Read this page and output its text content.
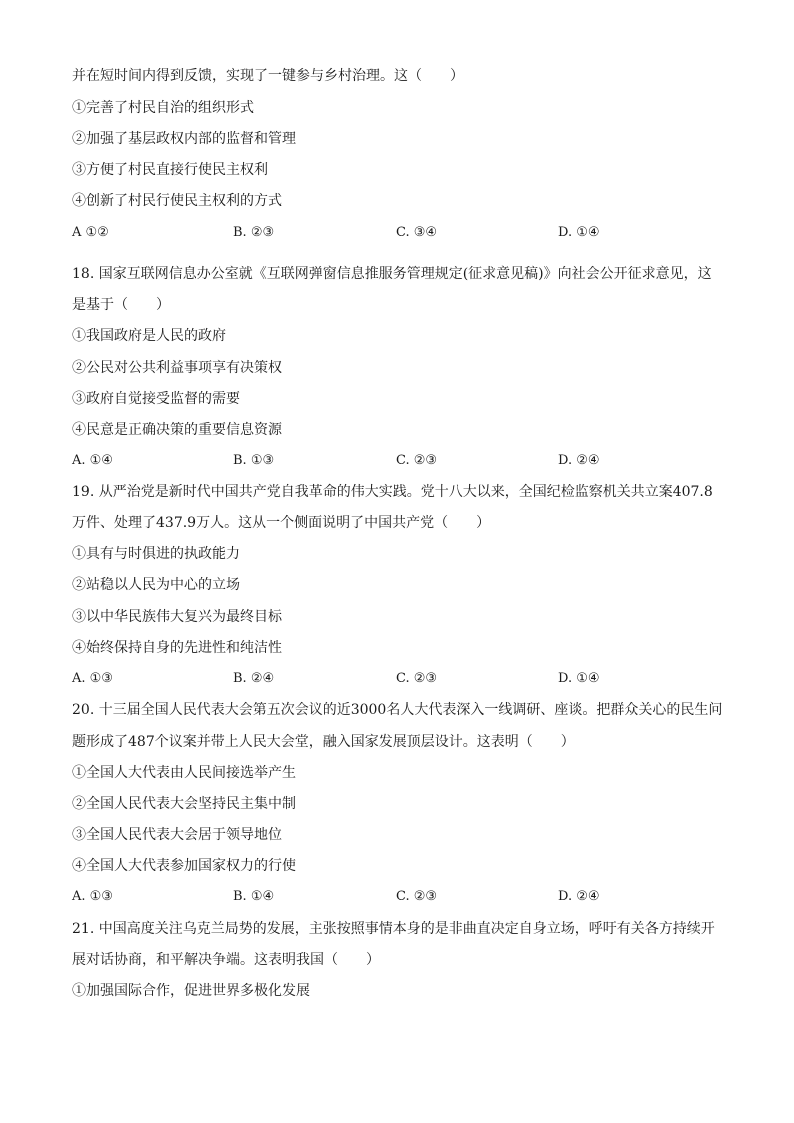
并在短时间内得到反馈，实现了一键参与乡村治理。这（　　）
①完善了村民自治的组织形式
②加强了基层政权内部的监督和管理
③方便了村民直接行使民主权利
④创新了村民行使民主权利的方式
A ①②	B. ②③	C. ③④	D. ①④
18. 国家互联网信息办公室就《互联网弹窗信息推服务管理规定(征求意见稿)》向社会公开征求意见，这
是基于（　　）
①我国政府是人民的政府
②公民对公共利益事项享有决策权
③政府自觉接受监督的需要
④民意是正确决策的重要信息资源
A. ①④	B. ①③	C. ②③	D. ②④
19. 从严治党是新时代中国共产党自我革命的伟大实践。党十八大以来，全国纪检监察机关共立案407.8
万件、处理了437.9万人。这从一个侧面说明了中国共产党（　　）
①具有与时俱进的执政能力
②站稳以人民为中心的立场
③以中华民族伟大复兴为最终目标
④始终保持自身的先进性和纯洁性
A. ①③	B. ②④	C. ②③	D. ①④
20. 十三届全国人民代表大会第五次会议的近3000名人大代表深入一线调研、座谈。把群众关心的民生问
题形成了487个议案并带上人民大会堂，融入国家发展顶层设计。这表明（　　）
①全国人大代表由人民间接选举产生
②全国人民代表大会坚持民主集中制
③全国人民代表大会居于领导地位
④全国人大代表参加国家权力的行使
A. ①③	B. ①④	C. ②③	D. ②④
21. 中国高度关注乌克兰局势的发展，主张按照事情本身的是非曲直决定自身立场，呼吁有关各方持续开
展对话协商，和平解决争端。这表明我国（　　）
①加强国际合作，促进世界多极化发展
